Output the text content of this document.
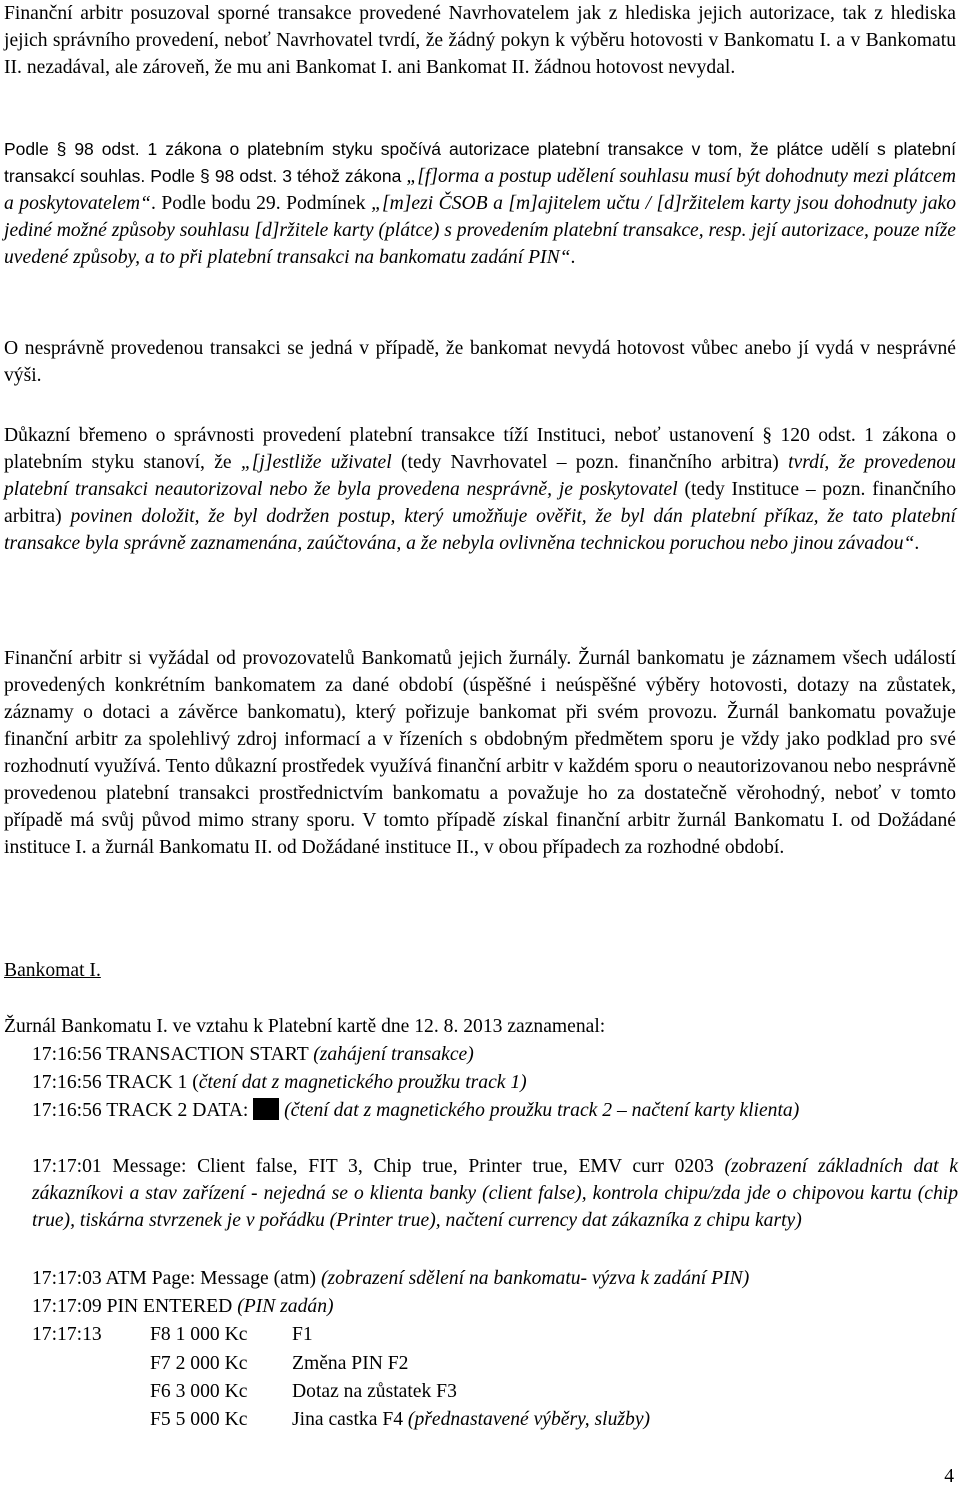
Finanční arbitr posuzoval sporné transakce provedené Navrhovatelem jak z hlediska jejich autorizace, tak z hlediska jejich správního provedení, neboť Navrhovatel tvrdí, že žádný pokyn k výběru hotovosti v Bankomatu I. a v Bankomatu II. nezadával, ale zároveň, že mu ani Bankomat I. ani Bankomat II. žádnou hotovost nevydal.

Podle § 98 odst. 1 zákona o platebním styku spočívá autorizace platební transakce v tom, že plátce udělí s platební transakcí souhlas. Podle § 98 odst. 3 téhož zákona „[f]orma a postup udělení souhlasu musí být dohodnuty mezi plátcem a poskytovatelem“. Podle bodu 29. Podmínek „[m]ezi ČSOB a [m]ajitelem učtu / [d]ržitelem karty jsou dohodnuty jako jediné možné způsoby souhlasu [d]ržitele karty (plátce) s provedením platební transakce, resp. její autorizace, pouze níže uvedené způsoby, a to při platební transakci na bankomatu zadání PIN“.

O nesprávně provedenou transakci se jedná v případě, že bankomat nevydá hotovost vůbec anebo jí vydá v nesprávné výši.

Důkazní břemeno o správnosti provedení platební transakce tíží Instituci, neboť ustanovení § 120 odst. 1 zákona o platebním styku stanoví, že „[j]estliže uživatel (tedy Navrhovatel – pozn. finančního arbitra) tvrdí, že provedenou platební transakci neautorizoval nebo že byla provedena nesprávně, je poskytovatel (tedy Instituce – pozn. finančního arbitra) povinen doložit, že byl dodržen postup, který umožňuje ověřit, že byl dán platební příkaz, že tato platební transakce byla správně zaznamenána, zaúčtována, a že nebyla ovlivněna technickou poruchou nebo jinou závadou“.

Finanční arbitr si vyžádal od provozovatelů Bankomatů jejich žurnály. Žurnál bankomatu je záznamem všech událostí provedených konkrétním bankomatem za dané období (úspěšné i neúspěšné výběry hotovosti, dotazy na zůstatek, záznamy o dotaci a závěrce bankomatu), který pořizuje bankomat při svém provozu. Žurnál bankomatu považuje finanční arbitr za spolehlivý zdroj informací a v řízeních s obdobným předmětem sporu je vždy jako podklad pro své rozhodnutí využívá. Tento důkazní prostředek využívá finanční arbitr v každém sporu o neautorizovanou nebo nesprávně provedenou platební transakci prostřednictvím bankomatu a považuje ho za dostatečně věrohodný, neboť v tomto případě má svůj původ mimo strany sporu. V tomto případě získal finanční arbitr žurnál Bankomatu I. od Dožádané instituce I. a žurnál Bankomatu II. od Dožádané instituce II., v obou případech za rozhodné období.

Bankomat I.

Žurnál Bankomatu I. ve vztahu k Platební kartě dne 12. 8. 2013 zaznamenal:

17:16:56 TRANSACTION START (zahájení transakce)

17:16:56 TRACK 1 (čtení dat z magnetického proužku track 1)

17:16:56 TRACK 2 DATA:  (čtení dat z magnetického proužku track 2 – načtení karty klienta)

17:17:01 Message: Client false, FIT 3, Chip true, Printer true, EMV curr 0203 (zobrazení základních dat k zákazníkovi a stav zařízení - nejedná se o klienta banky (client false), kontrola chipu/zda jde o chipovou kartu (chip true), tiskárna stvrzenek je v pořádku (Printer true), načtení currency dat zákazníka z chipu karty)

17:17:03 ATM Page: Message (atm) (zobrazení sdělení na bankomatu- výzva k zadání PIN)

17:17:09 PIN ENTERED (PIN zadán)

17:17:13 F8 1 000 Kc F1
F7 2 000 Kc Změna PIN F2
F6 3 000 Kc Dotaz na zůstatek F3
F5 5 000 Kc Jina castka F4 (přednastavené výběry, služby)
4
